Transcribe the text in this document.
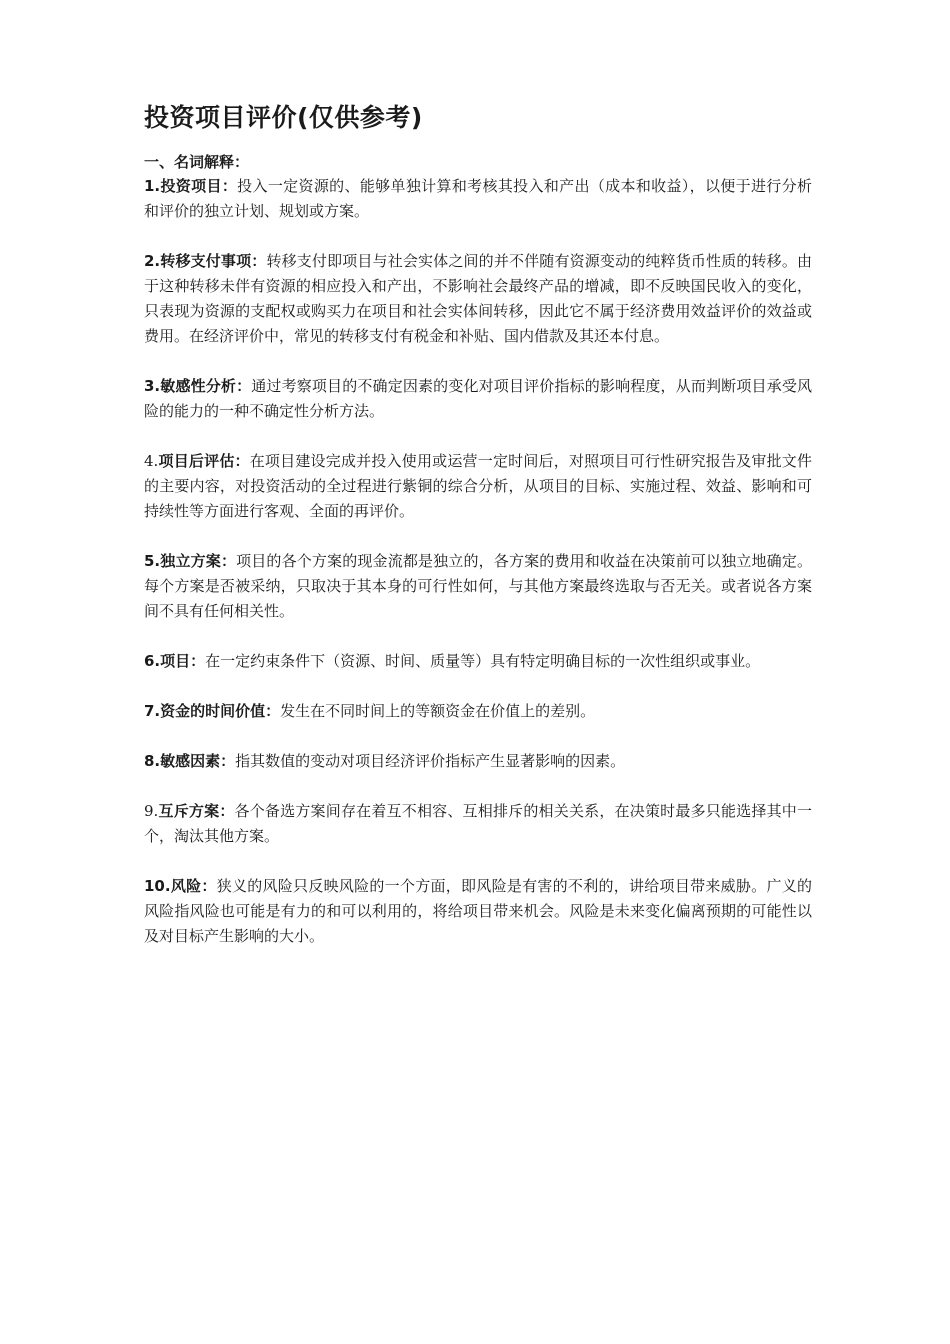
投资项目评价(仅供参考)

一、名词解释：

1.投资项目：投入一定资源的、能够单独计算和考核其投入和产出（成本和收益），以便于进行分析和评价的独立计划、规划或方案。

2.转移支付事项：转移支付即项目与社会实体之间的并不伴随有资源变动的纯粹货币性质的转移。由于这种转移未伴有资源的相应投入和产出，不影响社会最终产品的增减，即不反映国民收入的变化，只表现为资源的支配权或购买力在项目和社会实体间转移，因此它不属于经济费用效益评价的效益或费用。在经济评价中，常见的转移支付有税金和补贴、国内借款及其还本付息。

3.敏感性分析：通过考察项目的不确定因素的变化对项目评价指标的影响程度，从而判断项目承受风险的能力的一种不确定性分析方法。

4.项目后评估：在项目建设完成并投入使用或运营一定时间后，对照项目可行性研究报告及审批文件的主要内容，对投资活动的全过程进行紫铜的综合分析，从项目的目标、实施过程、效益、影响和可持续性等方面进行客观、全面的再评价。

5.独立方案：项目的各个方案的现金流都是独立的，各方案的费用和收益在决策前可以独立地确定。每个方案是否被采纳，只取决于其本身的可行性如何，与其他方案最终选取与否无关。或者说各方案间不具有任何相关性。

6.项目：在一定约束条件下（资源、时间、质量等）具有特定明确目标的一次性组织或事业。

7.资金的时间价值：发生在不同时间上的等额资金在价值上的差别。

8.敏感因素：指其数值的变动对项目经济评价指标产生显著影响的因素。

9.互斥方案：各个备选方案间存在着互不相容、互相排斥的相关关系，在决策时最多只能选择其中一个，淘汰其他方案。

10.风险：狭义的风险只反映风险的一个方面，即风险是有害的不利的，讲给项目带来威胁。广义的风险指风险也可能是有力的和可以利用的，将给项目带来机会。风险是未来变化偏离预期的可能性以及对目标产生影响的大小。
